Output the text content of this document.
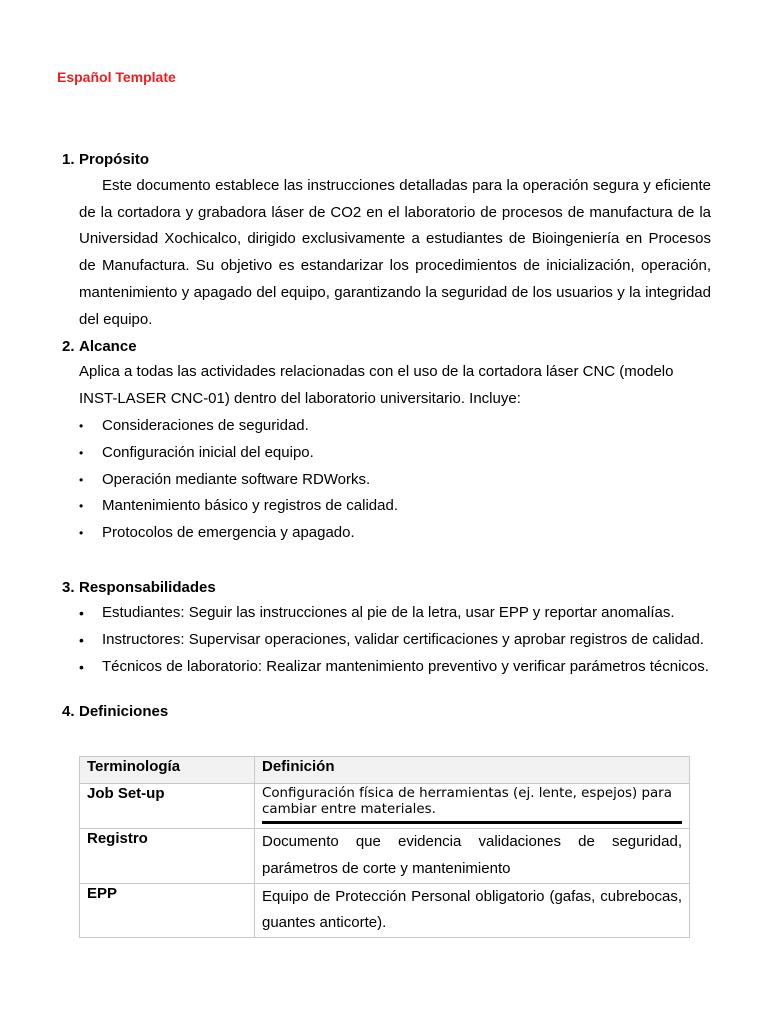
Español Template
1. Propósito
Este documento establece las instrucciones detalladas para la operación segura y eficiente de la cortadora y grabadora láser de CO2 en el laboratorio de procesos de manufactura de la Universidad Xochicalco, dirigido exclusivamente a estudiantes de Bioingeniería en Procesos de Manufactura. Su objetivo es estandarizar los procedimientos de inicialización, operación, mantenimiento y apagado del equipo, garantizando la seguridad de los usuarios y la integridad del equipo.
2. Alcance
Aplica a todas las actividades relacionadas con el uso de la cortadora láser CNC (modelo INST-LASER CNC-01) dentro del laboratorio universitario. Incluye:
• Consideraciones de seguridad.
• Configuración inicial del equipo.
• Operación mediante software RDWorks.
• Mantenimiento básico y registros de calidad.
• Protocolos de emergencia y apagado.
3. Responsabilidades
• Estudiantes: Seguir las instrucciones al pie de la letra, usar EPP y reportar anomalías.
• Instructores: Supervisar operaciones, validar certificaciones y aprobar registros de calidad.
• Técnicos de laboratorio: Realizar mantenimiento preventivo y verificar parámetros técnicos.
4. Definiciones
Terminología	Definición
Job Set-up	Configuración física de herramientas (ej. lente, espejos) para cambiar entre materiales.

Registro	Documento que evidencia validaciones de seguridad, parámetros de corte y mantenimiento
EPP	Equipo de Protección Personal obligatorio (gafas, cubrebocas, guantes anticorte).
